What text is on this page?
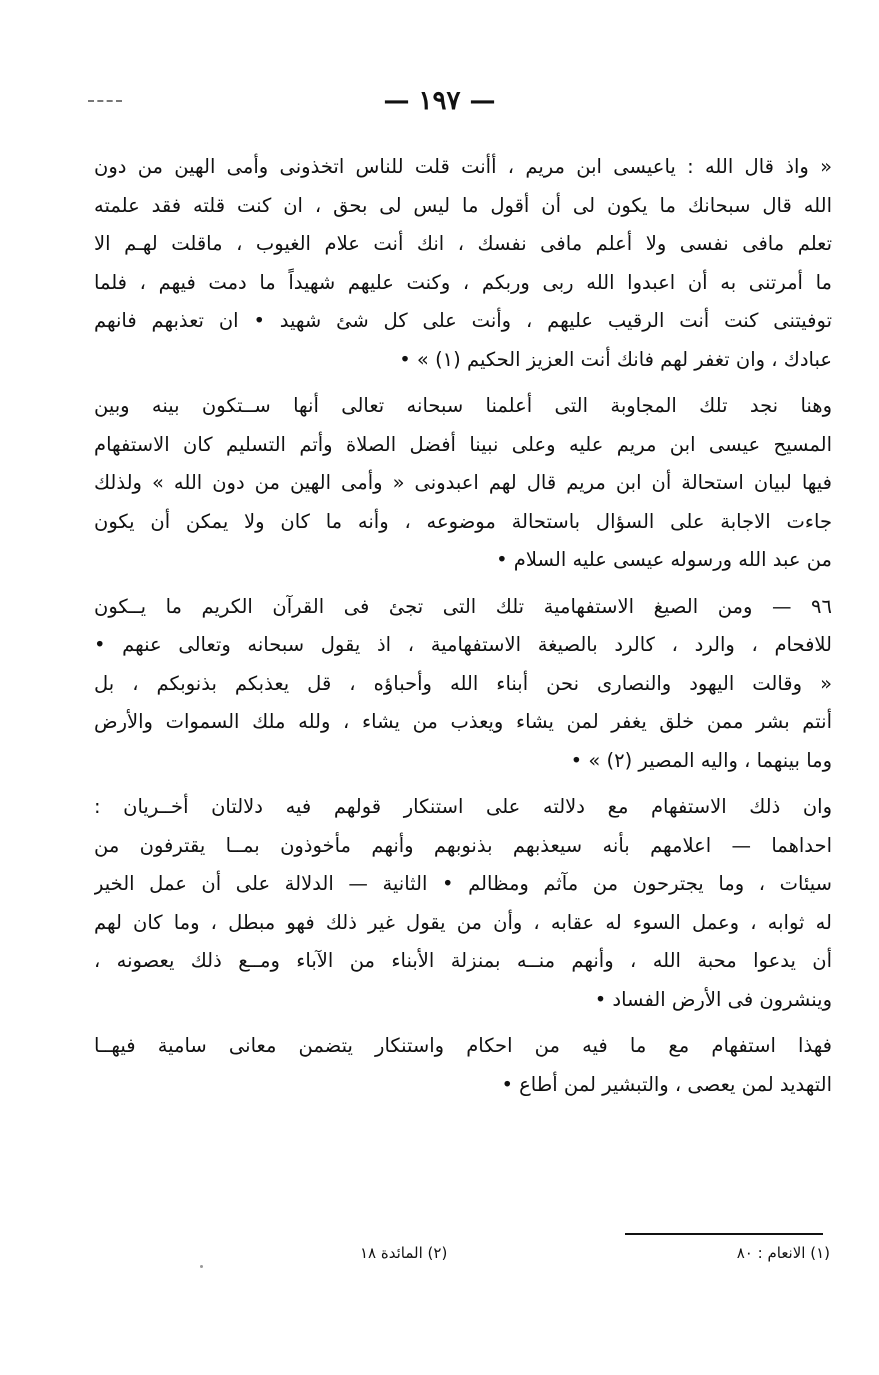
— ١٩٧ —
« واذ قال الله : ياعيسى ابن مريم ، أأنت قلت للناس اتخذونى وأمى الهين من دون
الله قال سبحانك ما يكون لى أن أقول ما ليس لى بحق ، ان كنت قلته فقد علمته
تعلم مافى نفسى ولا أعلم مافى نفسك ، انك أنت علام الغيوب ، ماقلت لهـم الا
ما أمرتنى به أن اعبدوا الله ربى وربكم ، وكنت عليهم شهيداً ما دمت فيهم ، فلما
توفيتنى كنت أنت الرقيب عليهم ، وأنت على كل شئ شهيد • ان تعذبهم فانهم
عبادك ، وان تغفر لهم فانك أنت العزيز الحكيم (١) » •
وهنا نجد تلك المجاوبة التى أعلمنا سبحانه تعالى أنها ســتكون بينه وبين
المسيح عيسى ابن مريم عليه وعلى نبينا أفضل الصلاة وأتم التسليم كان الاستفهام
فيها لبيان استحالة أن ابن مريم قال لهم اعبدونى « وأمى الهين من دون الله » ولذلك
جاءت الاجابة على السؤال باستحالة موضوعه ، وأنه ما كان ولا يمكن أن يكون
من عبد الله ورسوله عيسى عليه السلام •
٩٦ — ومن الصيغ الاستفهامية تلك التى تجئ فى القرآن الكريم ما يــكون
للافحام ، والرد ، كالرد بالصيغة الاستفهامية ، اذ يقول سبحانه وتعالى عنهم •
« وقالت اليهود والنصارى نحن أبناء الله وأحباؤه ، قل يعذبكم بذنوبكم ، بل
أنتم بشر ممن خلق يغفر لمن يشاء ويعذب من يشاء ، ولله ملك السموات والأرض
وما بينهما ، واليه المصير (٢) » •
وان ذلك الاستفهام مع دلالته على استنكار قولهم فيه دلالتان أخــريان :
احداهما — اعلامهم بأنه سيعذبهم بذنوبهم وأنهم مأخوذون بمــا يقترفون من
سيئات ، وما يجترحون من مآثم ومظالم • الثانية — الدلالة على أن عمل الخير
له ثوابه ، وعمل السوء له عقابه ، وأن من يقول غير ذلك فهو مبطل ، وما كان لهم
أن يدعوا محبة الله ، وأنهم منــه بمنزلة الأبناء من الآباء ومــع ذلك يعصونه ،
وينشرون فى الأرض الفساد •
فهذا استفهام مع ما فيه من احكام واستنكار يتضمن معانى سامية فيهــا
التهديد لمن يعصى ، والتبشير لمن أطاع •
(١) الانعام : ٨٠
(٢) المائدة ١٨
